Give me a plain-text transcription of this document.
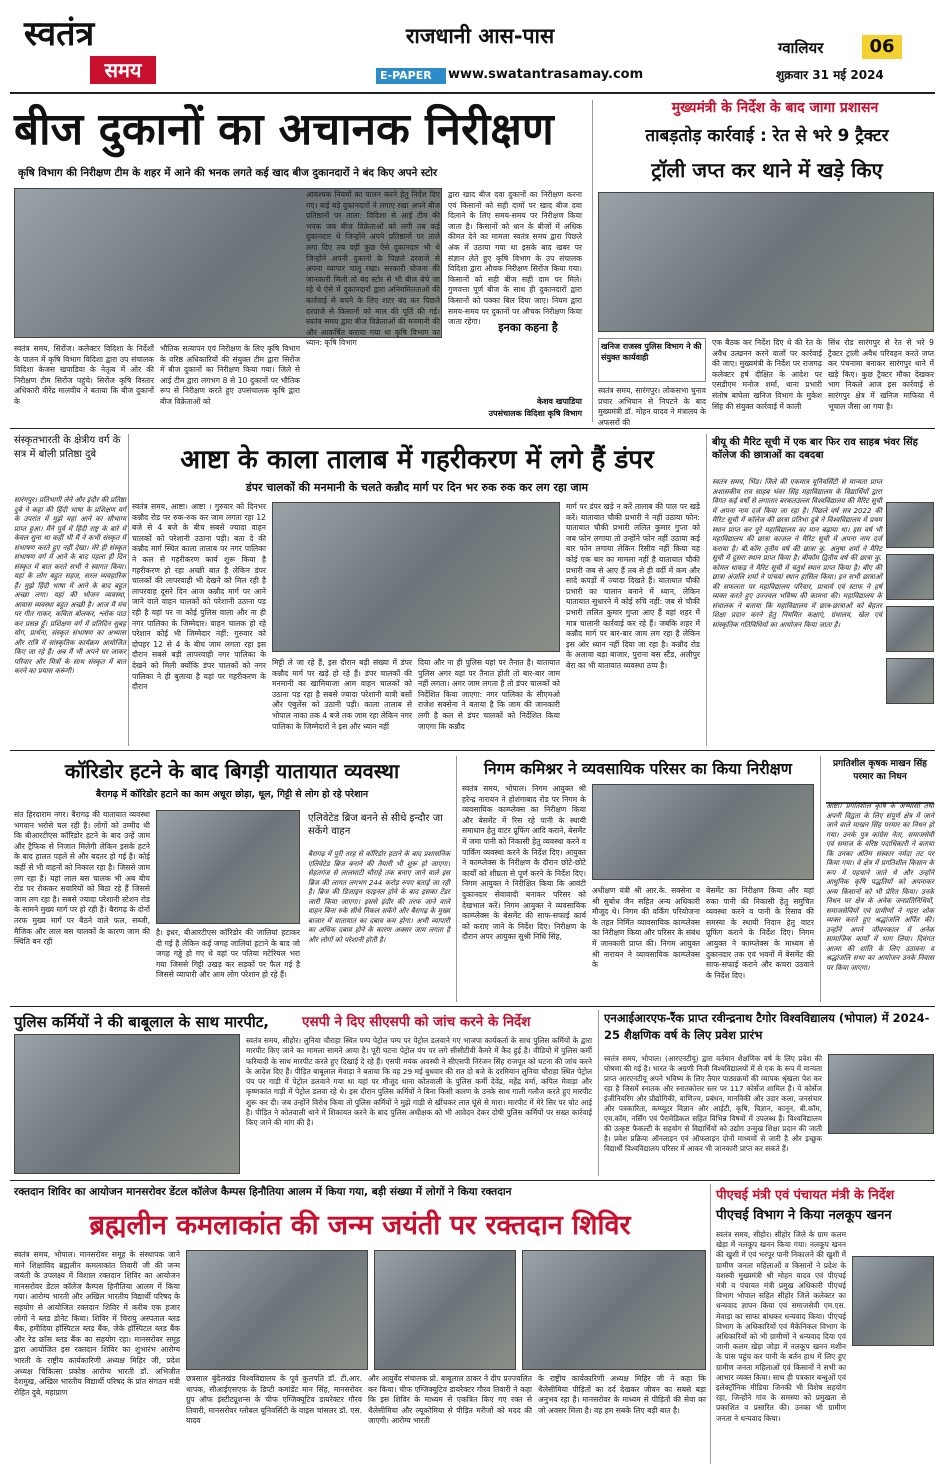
स्वतंत्र
समय
राजधानी आस-पास
E-PAPER	www.swatantrasamay.com
ग्वालियर	06
शुक्रवार 31 मई 2024
बीज दुकानों का अचानक निरीक्षण
कृषि विभाग की निरीक्षण टीम के शहर में आने की भनक लगते कई खाद बीज दुकानदारों ने बंद किए अपने स्टोर
स्वतंत्र समय, सिरोंज। कलेक्टर विदिशा के निर्देशों के पालन में कृषि विभाग विदिशा द्वारा उप संचालक विदिशा केजस खपाडिया के नेतृत्व में ओर की निरीक्षण टीम सिरोंज पहुंचे। सिरोंज कृषि विस्तार अधिकारी वीरेंद्र मालवीय ने बताया कि बीज दुकानों के
भौतिक सत्यापन एवं निरीक्षण के लिए कृषि विभाग के वरिष्ठ अधिकारियों की संयुक्त टीम द्वारा सिरोंज में बीज दुकानों का निरीक्षण किया गया। जिले से आई टीम द्वारा लगभग 8 से 10 दुकानों पर भौतिक रूप से निरीक्षण करते हुए उपसंचालक कृषि द्वारा बीज विक्रेताओं को
आवश्यक नियमों का पालन करने हेतु निर्देश दिए गए। कई बड़े दुकानदारों ने लगाए रखा अपने बीज प्रतिष्ठानों पर ताला: विदिशा से आई टीम की भनक जब बीज विक्रेताओं को लगी तब कई दुकानदार थे जिन्होंने अपने प्रतिष्ठानों पर ताले लगा दिए तब वहीं कुछ ऐसे दुकानदार भी थे जिन्होंने अपनी दुकानों के पिछले दरवाजे से अपना व्यापार चालू रखा। सरकारी योजना की जानकारी मिली तो बंद स्टोर से भी बीज बेचे जा रहे थे ऐसे में दुकानदारों द्वारा अनियमितताओं की कार्रवाई से बचने के लिए शटर बंद कर पिछले दरवाजे से किसानों को माल की पूर्ति की गई। स्वतंत्र समय द्वारा बीज विक्रेताओं की मनमानी की और आकर्षित कराया गया था कृषि विभाग का ध्यान: कृषि विभाग
द्वारा खाद बीज दवा दुकानों का निरीक्षण करना एवं किसानों को सही दामों पर खाद बीज दवा दिलाने के लिए समय-समय पर निरीक्षण किया जाता है। किसानों को धान के बीजों में अधिक कीमत देने का मामला स्वतंत्र समय द्वारा पिछले अंक में उठाया गया था इसके बाद खबर पर संज्ञान लेते हुए कृषि विभाग के उप संचालक विदिशा द्वारा औचक निरीक्षण सिरोंज किया गया। किसानों को सही बीज सही दाम पर मिले। गुणवत्ता पूर्ण बीज के साथ ही दुकानदारों द्वारा किसानों को पक्का बिल दिया जाए। नियम द्वारा समय-समय पर दुकानों पर औचक निरीक्षण किया जाता रहेगा।	इनका कहना है
केशव खपाडिया
उपसंचालक विदिशा कृषि विभाग
मुख्यमंत्री के निर्देश के बाद जागा प्रशासन
ताबड़तोड़ कार्रवाई : रेत से भरे 9 ट्रैक्टर
ट्रॉली जप्त कर थाने में खड़े किए
खनिज राजस्व पुलिस विभाग ने की संयुक्त कार्यवाही
स्वतंत्र समय, सारंगपुर। लोकसभा चुनाव प्रचार अभियान से निपटने के बाद मुख्यमंत्री डॉ. मोहन यादव ने मंत्रालय के अफसरों की
एक बैठक कर निर्देश दिए थे की रेत के अवैध उत्खनन करने वालों पर कार्रवाई की जाए। मुख्यमंत्री के निर्देश पर राजगढ़ कलेक्टर हर्ष दीक्षित के आदेश पर एसडीएम मनोज शर्मा, थाना प्रभारी संतोष बाघेला खनिज विभाग के मुकेश सिंह की संयुक्त कार्रवाई में काली
सिंध रोड सारंगपुर से रेत से भरे 9 ट्रैक्टर ट्राली अवैध परिवहन करते जप्त कर पंचनामा बनाकर सारंगपुर थाने में खड़े किए। कुछ ट्रैक्टर मौका देखकर भाग निकले आज इस कार्रवाई से सारंगपुर क्षेत्र में खनिज माफिया में भूचाल जैसा आ गया है।
संस्कृतभारती के क्षेत्रीय वर्ग के सत्र में बोली प्रतिष्ठा दुबे
सारंगपुर। प्रतिभागी लेने और इंदौर की प्रतिष्ठा दुबे ने कहा की हिंदी भाषा के प्रशिक्षण वर्ग के उपरांत में मुझे यहां आने का सौभाग्य प्राप्त हुआ। मैंने पूर्व में हिंदी राष्ट्र के बारे में केवल सुना था कहीं भी मैं ने कभी संस्कृत में संभाषण करते हुए नहीं देखा। मेरे ही संस्कृत संभाषण वर्ग में आने के बाद पहला ही दिन संस्कृत में बात करते सभी ने स्वागत किया। यहां के लोग बहुत सहज, सरल व्यवहारिक हैं। मुझे हिंदी भाषा में आने के बाद बहुत अच्छा लगा। यहां की भोजन व्यवस्था, आवास व्यवस्था बहुत अच्छी है। आज मैं मंच पर गीत गाकर, कविता बोलकर, श्लोक पाठ कर प्रसन्न हूँ। प्रशिक्षण वर्ग में प्रतिदिन सुबह योग, प्रार्थना, संस्कृत संभाषण का अभ्यास और रात्रि में सांस्कृतिक कार्यक्रम आयोजित किए जा रहे हैं। अब मैं भी अपने घर जाकर परिवार और मित्रों के साथ संस्कृत में बात करने का प्रयास करूंगी।
आष्टा के काला तालाब में गहरीकरण में लगे हैं डंपर
डंपर चालकों की मनमानी के चलते कन्नौद मार्ग पर दिन भर रुक रुक कर लग रहा जाम
स्वतंत्र समय, आष्टा। आष्टा । गुरुवार को दिनभर कन्नौद रोड पर रुक-रुक कर जाम लगता रहा 12 बजे से 4 बजे के बीच सबसे ज्यादा वाहन चालकों को परेशानी उठाना पड़ी। बता दे की कन्नौद मार्ग स्थित काला तालाब पर नगर पालिका ने कल से गहरीकरण कार्य शुरू किया है गहरीकरण हो रहा अच्छी बात है लेकिन डंपर चालकों की लापरवाही भी देखने को मिल रही है लापरवाह दूसरे दिन आज कन्नौद मार्ग पर आने जाने वाले वाहन चालकों को परेशानी उठाना पड़ रही है यहां पर ना कोई पुलिस वाला और ना ही नगर पालिका के जिम्मेदार। वाहन चालक हो रहे परेशान कोई भी जिम्मेदार नहीं: गुरुवार को दोपहर 12 से 4 के बीच जाम लगता रहा इस दौरान सबसे बड़ी लापरवाही नगर पालिका के देखने को मिली क्योंकि डंपर चालकों को नगर पालिका ने ही बुलाया है यहां पर गहरीकरण के दौरान
मिट्टी ले जा रहे हैं, इस दौरान बड़ी संख्या में डंपर कन्नौद मार्ग पर खड़े हो रहे हैं। डंपर चालकों की मनमानी का खामियाजा आम वाहन चालकों को उठाना पड़ रहा है सबसे ज्यादा परेशानी यात्री बसों और एंबुलेंस को उठानी पड़ी। काला तालाब से भोपाल नाका तक 4 बजे तक जाम रहा लेकिन नगर पालिका के जिम्मेदारों ने इस और ध्यान नहीं
दिया और ना ही पुलिस यहां पर तैनात है। यातायात पुलिस अगर यहां पर तैनात होती तो बार-बार जाम नहीं लगता। अगर जाम लगता है तो डंपर चालकों को निर्देशित किया जाएगा: नगर पालिका के सीएमओ राजेश सक्सेना ने बताया है कि जाम की जानकारी लगी है कल से डंपर चालकों को निर्देशित किया जाएगा कि कन्नौद
मार्ग पर डंपर खड़े न करें तालाब की पाल पर खड़े करें। यातायात चौकी प्रभारी ने नहीं उठाया फोन: यातायात चौकी प्रभारी ललित कुमार गुप्ता को जब फोन लगाया तो उन्होंने फोन नहीं उठाया कई बार फोन लगाया लेकिन रिसीव नहीं किया यह कोई एक बार का मामला नहीं है यातायात चौकी प्रभारी जब से आए हैं तब से ही वर्दी में कम और सादे कपड़ों में ज्यादा दिखते हैं। यातायात चौकी प्रभारी का चालान बनाने में ध्यान, लेकिन यातायात सुधारने में कोई रुचि नहीं: जब से चौकी प्रभारी ललित कुमार गुप्ता आए हैं वहां शहर में मात्र चालानी कार्रवाई कर रहे हैं। जबकि शहर में कन्नौद मार्ग पर बार-बार जाम लग रहा है लेकिन इस ओर ध्यान नहीं दिया जा रहा है। कन्नौद रोड के अलावा बड़ा बाजार, पुराना बस स्टैंड, अलीपुर बेरा का भी यातायात व्यवस्था ठप्प है।
बीयू की मैरिट सूची में एक बार फिर राव साहब भंवर सिंह कॉलेज की छात्राओं का दबदबा
स्वतंत्र समय, भिंड। जिले की एकमात्र यूनिवर्सिटी से मान्यता प्राप्त अशासकीय राव साहब भंवर सिंह महाविद्यालय के विद्यार्थियों द्वारा विगत कई वर्षों से लगातार बरकतउल्ला विश्वविद्यालय की मैरिट सूची में अपना नाम दर्ज किया जा रहा है। पिछले वर्ष सत्र 2022 की मैरिट सूची में कॉलेज की छात्रा प्रतिभा दुबे ने विश्वविद्यालय में प्रथम स्थान प्राप्त कर पूरे महाविद्यालय का मान बढ़ाया था। इस वर्ष भी महाविद्यालय की छात्रा काजल ने मैरिट सूची में अपना नाम दर्ज कराया है। बी.कॉम तृतीय वर्ष की छात्रा कु. अनुषा शर्मा ने मैरिट सूची में दूसरा स्थान प्राप्त किया है। बीकॉम द्वितीय वर्ष की छात्रा कु. कोमल धाकड़ ने मैरिट सूची में चतुर्थ स्थान प्राप्त किया है। बीए की छात्रा अंजलि शर्मा ने पांचवां स्थान हासिल किया। इन सभी छात्राओं की सफलता पर महाविद्यालय परिवार, प्राचार्य एवं स्टाफ ने हर्ष व्यक्त करते हुए उज्ज्वल भविष्य की कामना की। महाविद्यालय के संचालक ने बताया कि महाविद्यालय में छात्र-छात्राओं को बेहतर शिक्षा प्रदान करने हेतु नियमित कक्षाएं, ग्रंथालय, खेल एवं सांस्कृतिक गतिविधियों का आयोजन किया जाता है।
कॉरिडोर हटने के बाद बिगड़ी यातायात व्यवस्था
बैरागढ़ में कॉरिडोर हटाने का काम अधूरा छोड़ा, धूल, गिट्टी से लोग हो रहे परेशान
संत हिरदाराम नगर। बैरागढ़ की यातायात व्यवस्था भगवान भरोसे चल रही है। लोगों को उम्मीद थी कि बीआरटीएस कॉरिडोर हटने के बाद उन्हें जाम और ट्रैफिक से निजात मिलेगी लेकिन इसके हटने के बाद हालत पहले से और बदतर हो गई है। कोई कहीं से भी वाहनों को निकाल रहा है। जिससे जाम लग रहा है। यहां लाल बस चालक भी अब बीच रोड पर रोककर सवारियों को बिठा रहे हैं जिससे जाम लग रहा है। सबसे ज्यादा परेशानी स्टेशन रोड के सामने मुख्य मार्ग पर हो रही है। बैरागढ़ के दोनों तरफ मुख्य मार्ग पर बैठने वाले फल, सब्जी, मैजिक और लाल बस चालकों के कारण जाम की स्थिति बन रही
है। इधर, बीआरटीएस कॉरिडोर की जालियां हटाकर दी गई है लेकिन कई जगह जालियां हटाने के बाद जो जगह गड्ढे हो गए थे वहां पर पतिया मटेरियल भरा गया जिससे गिट्टी उखड़ कर सड़कों पर फैल गई है जिससे व्यापारी और आम लोग परेशान हो रहे हैं।
एलिवेटेड ब्रिज बनने से सीधे इन्दौर जा सकेंगे वाहन
बैरागढ़ में पूरी तरह से कॉरिडोर हटाने के बाद प्रशासनिक एलिवेटेड ब्रिज बनाने की तैयारी भी शुरू हो जाएगा। सेहतगंज से लालघाटी चौराहे तक बनाए जाने वाले इस ब्रिज की लागत लगभग 244 करोड़ रुपए बताई जा रही है। ब्रिज की डिजाइन फाइनल होने के बाद इसका टेंडर जारी किया जाएगा। इससे इंदौर की तरफ जाने वाले वाहन बिना रुके सीधे निकल सकेंगे और बैरागढ़ के मुख्य बाजार में यातायात का दबाव कम होगा। अभी व्यापारी का अधिक दबाव होने के कारण अक्सर जाम लगता है और लोगों को परेशानी होती है।
निगम कमिश्नर ने व्यवसायिक परिसर का किया निरीक्षण
स्वतंत्र समय, भोपाल। निगम आयुक्त श्री हरेन्द्र नारायन ने होशंगाबाद रोड पर निगम के व्यवसायिक काम्प्लेक्स का निरीक्षण किया और बेसमेंट में रिस रहे पानी के स्थायी समाधान हेतु वाटर प्रूफिंग आदि कराने, बेसमेंट में जमा पानी को निकासी हेतु व्यवस्था करने व पार्किंग व्यवस्था करने के निर्देश दिए। आयुक्त ने काम्प्लेक्स के निरीक्षण के दौरान छोटे-छोटे कार्यों को शीघ्रता से पूर्ण करने के निर्देश दिए। निगम आयुक्त ने निरीक्षित किया कि आवंटी दुकानदार सेवावादी बनाकर परिसर को देखभाल करें। निगम आयुक्त ने व्यवसायिक काम्प्लेक्स के बेसमेंट की साफ-सफाई कार्य को कराए जाने के निर्देश दिए। निरीक्षण के दौरान अपर आयुक्त सुश्री निधि सिंह,
अधीक्षण यंत्री श्री आर.के. सक्सेना व श्री सुबोध जैन सहित अन्य अधिकारी मौजूद थे। निगम की वर्किंग परियोजना के तहत निर्मित व्यावसायिक काम्प्लेक्स का निरीक्षण किया और परिसर के संबंध में जानकारी प्राप्त की। निगम आयुक्त श्री नारायन ने व्यावसायिक काम्प्लेक्स के
बेसमेंट का निरीक्षण किया और यहां रुका पानी की निकासी हेतु समुचित व्यवस्था करने व पानी के रिसाव की समस्या के स्थायी निदान हेतु वाटर प्रूफिंग कराने के निर्देश दिए। निगम आयुक्त ने काम्प्लेक्स के माध्यम से दुकानदार तक एवं भवनों में बेसमेंट की साफ-सफाई कराने और कचरा उठवाने के निर्देश दिए।
प्रगतिशील कृषक माखन सिंह परमार का निधन
आष्टा। प्रगतिशील कृषि के अभ्यासी तथा अपनी विद्वता के लिए संपूर्ण क्षेत्र में जाने जाने वाले माखन सिंह परमार का निधन हो गया। उनके पुत्र कांग्रेस नेता, समाजसेवी एवं समाज के वरिष्ठ पदाधिकारी ने बताया कि उनका अंतिम संस्कार नर्मदा तट पर किया गया। वे क्षेत्र में प्रगतिशील किसान के रूप में पहचाने जाते थे और उन्होंने आधुनिक कृषि पद्धतियों को अपनाकर अन्य किसानों को भी प्रेरित किया। उनके निधन पर क्षेत्र के अनेक जनप्रतिनिधियों, समाजसेवियों एवं ग्रामीणों ने गहरा शोक व्यक्त करते हुए श्रद्धांजलि अर्पित की। उन्होंने अपने जीवनकाल में अनेक सामाजिक कार्यों में भाग लिया। दिवंगत आत्मा की शांति के लिए उठावना व श्रद्धांजलि सभा का आयोजन उनके निवास पर किया जाएगा।
पुलिस कर्मियों ने की बाबूलाल के साथ मारपीट,	एसपी ने दिए सीएसपी को जांच करने के निर्देश
स्वतंत्र समय, सीहोर। लुनिया चौराहा स्थित पम्प पेट्रोल पम्प पर पेट्रोल डलवाने गए भाजपा कार्यकर्ता के साथ पुलिस कर्मियों के द्वारा मारपीट किए जाने का मामला सामने आया है। पूरी घटना पेट्रोल पंप पर लगे सीसीटीवी कैमरे में कैद हुई है। वीडियो में पुलिस कर्मी फरियादी के साथ मारपीट करते हुए दिखाई दे रहे हैं। एसपी मयंक अवस्थी ने सीएसपी निरंजन सिंह राजपूत को घटना की जांच करने के आदेश दिए हैं। पीड़ित बाबूलाल मेवाड़ा ने बताया कि वह 29 मई बुधवार की रात दो बजे के दरमियान लुनिया चौराहा स्थित पेट्रोल पंप पर गाड़ी में पेट्रोल डलवाने गया था यहां पर मौजूद थाना कोतवाली के पुलिस कर्मी देवेंद्र, महेंद्र वर्मा, कपिल मेवाड़ा और कृष्णकांत गाड़ी में पेट्रोल डलवा रहे थे। इस दौरान पुलिस कर्मियों ने बिना किसी कारण के उनके साथ गाली गलौज करते हुए मारपीट शुरू कर दी। जब उन्होंने विरोध किया तो पुलिस कर्मियों ने मुझे गाड़ी से खींचकर लात घूंसे से मारा। मारपीट में मेरे सिर पर चोट आई है। पीड़ित ने कोतवाली थाने में शिकायत करने के बाद पुलिस अधीक्षक को भी आवेदन देकर दोषी पुलिस कर्मियों पर सख्त कार्रवाई किए जाने की मांग की है।
एनआईआरएफ-रैंक प्राप्त रवीन्द्रनाथ टैगोर विश्वविद्यालय (भोपाल) में 2024-25 शैक्षणिक वर्ष के लिए प्रवेश प्रारंभ
स्वतंत्र समय, भोपाल। (आरएनटीयू) द्वारा वर्तमान शैक्षणिक वर्ष के लिए प्रवेश की घोषणा की गई है। भारत के अग्रणी निजी विश्वविद्यालयों में से एक के रूप में मान्यता प्राप्त आरएनटीयू अपने भविष्य के लिए तैयार पाठ्यक्रमों की व्यापक श्रृंखला पेश कर रहा है जिसमें स्नातक और स्नातकोत्तर स्तर पर 117 कोर्सेज शामिल हैं। ये कोर्सेज इंजीनियरिंग और प्रौद्योगिकी, वाणिज्य, प्रबंधन, मानविकी और उदार कला, जनसंचार और पत्रकारिता, कम्प्यूटर विज्ञान और आईटी, कृषि, विज्ञान, कानून, बी.कॉम, एम.कॉम, नर्सिंग एवं पैरामेडिकल सहित विभिन्न विषयों में उपलब्ध हैं। विश्वविद्यालय की उत्कृष्ट फैकल्टी के सहयोग से विद्यार्थियों को उद्योग उन्मुख शिक्षा प्रदान की जाती है। प्रवेश प्रक्रिया ऑनलाइन एवं ऑफलाइन दोनों माध्यमों से जारी है और इच्छुक विद्यार्थी विश्वविद्यालय परिसर में आकर भी जानकारी प्राप्त कर सकते हैं।
रक्तदान शिविर का आयोजन मानसरोवर डेंटल कॉलेज कैम्पस हिनौतिया आलम में किया गया, बड़ी संख्या में लोगों ने किया रक्तदान
ब्रह्मलीन कमलाकांत की जन्म जयंती पर रक्तदान शिविर
स्वतंत्र समय, भोपाल। मानसरोवर समूह के संस्थापक जाने माने शिक्षाविद ब्रह्मलीन कमलाकांत तिवारी जी की जन्म जयंती के उपलक्ष्य में विशाल रक्तदान शिविर का आयोजन मानसरोवर डेंटल कॉलेज कैम्पस हिनौतिया आलम में किया गया। आरोग्य भारती और अखिल भारतीय विद्यार्थी परिषद के सहयोग से आयोजित रक्तदान शिविर में करीब एक हजार लोगों ने ब्लड डोनेट किया। शिविर में चिरायु अस्पताल ब्लड बैंक, हमीदिया हॉस्पिटल ब्लड बैंक, जेके हॉस्पिटल ब्लड बैंक और रेड क्रॉस ब्लड बैंक का सहयोग रहा। मानसरोवर समूह द्वारा आयोजित इस रक्तदान शिविर का शुभारंभ आरोग्य भारती के राष्ट्रीय कार्यकारिणी अध्यक्ष मिहिर जी, प्रदेश अध्यक्ष चिकित्सा प्रकोष्ठ आरोग्य भारती डॉ. अभिजीत देशमुख, अखिल भारतीय विद्यार्थी परिषद के प्रांत संगठन मंत्री रोहित दुबे, महाप्राण
छत्रसाल बुंदेलखंड विश्वविद्यालय के पूर्व कुलपति डॉ. टी.आर. थापक, सीआईएसएफ के डिप्टी कमांडेंट मान सिंह, मानसरोवर ग्रुप ऑफ इंस्टीट्यूशन्स के चीफ एग्जिक्यूटिव डायरेक्टर गौरव तिवारी, मानसरोवर ग्लोबल यूनिवर्सिटी के वाइस चांसलर डॉ. एस. यादव
और आयुर्वेद संचालक प्रो. बाबूलाल ठाकर ने दीप प्रज्ज्वलित कर किया। चीफ एग्जिक्यूटिव डायरेक्टर गौरव तिवारी ने कहा कि इस शिविर के माध्यम से एकत्रित किए गए रक्त से थैलेसीमिया और ल्यूकोमिया से पीड़ित मरीजों को मदद की जाएगी। आरोग्य भारती
के राष्ट्रीय कार्यकारिणी अध्यक्ष मिहिर जी ने कहा कि थैलेसीमिया पीड़ितों का दर्द देखकर जीवन का सबसे बड़ा अनुभव रहा है। मानसरोवर के माध्यम से पीड़ितों की सेवा का जो अवसर मिला है। वह हम सबके लिए बड़ी बात है।
पीएचई मंत्री एवं पंचायत मंत्री के निर्देश
पीएचई विभाग ने किया नलकूप खनन
स्वतंत्र समय, सीहोर। सीहोर जिले के ग्राम कलम खेड़ा में नलकूप खनन किया गया। नलकूप खनन की खुशी में एवं भरपूर पानी निकालने की खुशी में ग्रामीण जनता महिलाओं व किसानों ने प्रदेश के यशस्वी मुख्यमंत्री श्री मोहन यादव एवं पीएचई मंत्री व पंचायत मंत्री प्रमुख अधिकारी पीएचई विभाग भोपाल सहित सीहोर जिले कलेक्टर का धन्यवाद ज्ञापन किया एवं समाजसेवी एम.एस. मेवाड़ा का साफा बांधकर धन्यवाद किया। पीएचई विभाग के अधिकारियों एवं मैकेनिकल विभाग के अधिकारियों को भी ग्रामीणों ने धन्यवाद दिया एवं जानी कलम खेड़ा जोड़ा में नलकूप खनन मशीन के पास पहुंच कर पानी के बर्तन हाथ में लिए हुए ग्रामीण जनता महिलाओं एवं किसानों ने सभी का आभार व्यक्त किया। साथ ही पत्रकार बन्धुओं एवं इलेक्ट्रॉनिक मीडिया जिनकी भी विशेष सहयोग रहा, जिन्होंने गांव के समस्या को प्रमुखता से प्रकाशित व प्रसारित की। उनका भी ग्रामीण जनता ने धन्यवाद किया।
